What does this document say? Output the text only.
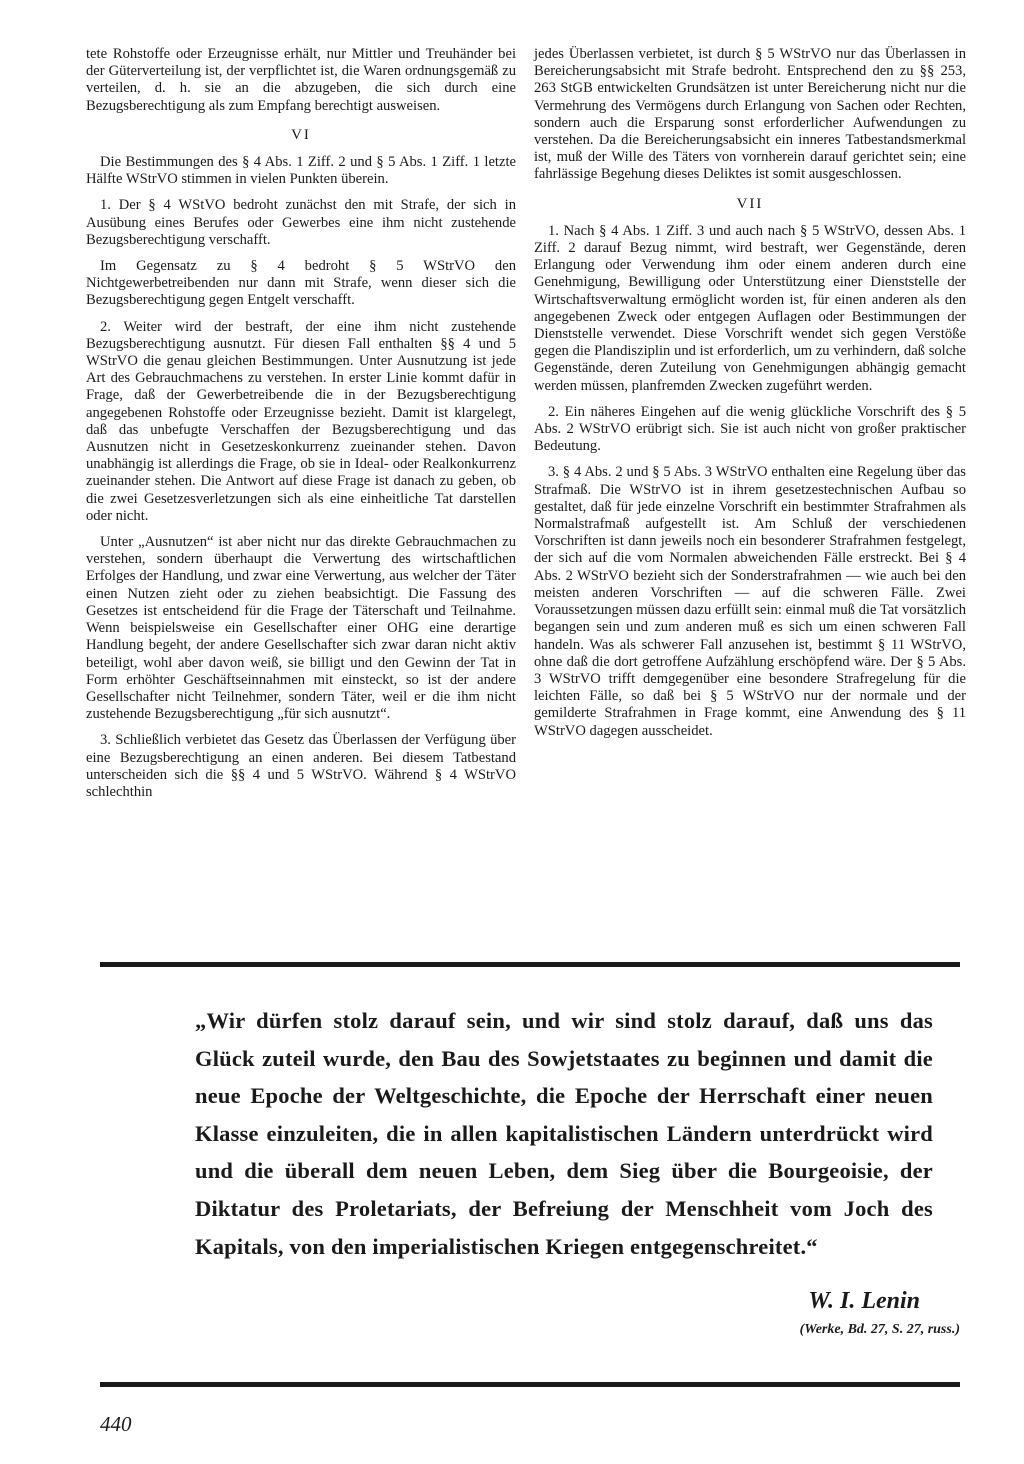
tete Rohstoffe oder Erzeugnisse erhält, nur Mittler und Treuhänder bei der Güterverteilung ist, der verpflichtet ist, die Waren ordnungsgemäß zu verteilen, d. h. sie an die abzugeben, die sich durch eine Bezugsberechtigung als zum Empfang berechtigt ausweisen.

VI

Die Bestimmungen des § 4 Abs. 1 Ziff. 2 und § 5 Abs. 1 Ziff. 1 letzte Hälfte WStrVO stimmen in vielen Punkten überein.

1. Der § 4 WStVO bedroht zunächst den mit Strafe, der sich in Ausübung eines Berufes oder Gewerbes eine ihm nicht zustehende Bezugsberechtigung verschafft.

Im Gegensatz zu § 4 bedroht § 5 WStrVO den Nichtgewerbetreibenden nur dann mit Strafe, wenn dieser sich die Bezugsberechtigung gegen Entgelt verschafft.

2. Weiter wird der bestraft, der eine ihm nicht zustehende Bezugsberechtigung ausnutzt. Für diesen Fall enthalten §§ 4 und 5 WStrVO die genau gleichen Bestimmungen. Unter Ausnutzung ist jede Art des Gebrauchmachens zu verstehen. In erster Linie kommt dafür in Frage, daß der Gewerbetreibende die in der Bezugsberechtigung angegebenen Rohstoffe oder Erzeugnisse bezieht. Damit ist klargelegt, daß das unbefugte Verschaffen der Bezugsberechtigung und das Ausnutzen nicht in Gesetzeskonkurrenz zueinander stehen. Davon unabhängig ist allerdings die Frage, ob sie in Ideal- oder Realkonkurrenz zueinander stehen. Die Antwort auf diese Frage ist danach zu geben, ob die zwei Gesetzesverletzungen sich als eine einheitliche Tat darstellen oder nicht.

Unter „Ausnutzen“ ist aber nicht nur das direkte Gebrauchmachen zu verstehen, sondern überhaupt die Verwertung des wirtschaftlichen Erfolges der Handlung, und zwar eine Verwertung, aus welcher der Täter einen Nutzen zieht oder zu ziehen beabsichtigt. Die Fassung des Gesetzes ist entscheidend für die Frage der Täterschaft und Teilnahme. Wenn beispielsweise ein Gesellschafter einer OHG eine derartige Handlung begeht, der andere Gesellschafter sich zwar daran nicht aktiv beteiligt, wohl aber davon weiß, sie billigt und den Gewinn der Tat in Form erhöhter Geschäftseinnahmen mit einsteckt, so ist der andere Gesellschafter nicht Teilnehmer, sondern Täter, weil er die ihm nicht zustehende Bezugsberechtigung „für sich ausnutzt“.

3. Schließlich verbietet das Gesetz das Überlassen der Verfügung über eine Bezugsberechtigung an einen anderen. Bei diesem Tatbestand unterscheiden sich die §§ 4 und 5 WStrVO. Während § 4 WStrVO schlechthin

jedes Überlassen verbietet, ist durch § 5 WStrVO nur das Überlassen in Bereicherungsabsicht mit Strafe bedroht. Entsprechend den zu §§ 253, 263 StGB entwickelten Grundsätzen ist unter Bereicherung nicht nur die Vermehrung des Vermögens durch Erlangung von Sachen oder Rechten, sondern auch die Ersparung sonst erforderlicher Aufwendungen zu verstehen. Da die Bereicherungsabsicht ein inneres Tatbestandsmerkmal ist, muß der Wille des Täters von vornherein darauf gerichtet sein; eine fahrlässige Begehung dieses Deliktes ist somit ausgeschlossen.

VII

1. Nach § 4 Abs. 1 Ziff. 3 und auch nach § 5 WStrVO, dessen Abs. 1 Ziff. 2 darauf Bezug nimmt, wird bestraft, wer Gegenstände, deren Erlangung oder Verwendung ihm oder einem anderen durch eine Genehmigung, Bewilligung oder Unterstützung einer Dienststelle der Wirtschaftsverwaltung ermöglicht worden ist, für einen anderen als den angegebenen Zweck oder entgegen Auflagen oder Bestimmungen der Dienststelle verwendet. Diese Vorschrift wendet sich gegen Verstöße gegen die Plandisziplin und ist erforderlich, um zu verhindern, daß solche Gegenstände, deren Zuteilung von Genehmigungen abhängig gemacht werden müssen, planfremden Zwecken zugeführt werden.

2. Ein näheres Eingehen auf die wenig glückliche Vorschrift des § 5 Abs. 2 WStrVO erübrigt sich. Sie ist auch nicht von großer praktischer Bedeutung.

3. § 4 Abs. 2 und § 5 Abs. 3 WStrVO enthalten eine Regelung über das Strafmaß. Die WStrVO ist in ihrem gesetzestechnischen Aufbau so gestaltet, daß für jede einzelne Vorschrift ein bestimmter Strafrahmen als Normalstrafmaß aufgestellt ist. Am Schluß der verschiedenen Vorschriften ist dann jeweils noch ein besonderer Strafrahmen festgelegt, der sich auf die vom Normalen abweichenden Fälle erstreckt. Bei § 4 Abs. 2 WStrVO bezieht sich der Sonderstrafrahmen — wie auch bei den meisten anderen Vorschriften — auf die schweren Fälle. Zwei Voraussetzungen müssen dazu erfüllt sein: einmal muß die Tat vorsätzlich begangen sein und zum anderen muß es sich um einen schweren Fall handeln. Was als schwerer Fall anzusehen ist, bestimmt § 11 WStrVO, ohne daß die dort getroffene Aufzählung erschöpfend wäre. Der § 5 Abs. 3 WStrVO trifft demgegenüber eine besondere Strafregelung für die leichten Fälle, so daß bei § 5 WStrVO nur der normale und der gemilderte Strafrahmen in Frage kommt, eine Anwendung des § 11 WStrVO dagegen ausscheidet.

„Wir dürfen stolz darauf sein, und wir sind stolz darauf, daß uns das Glück zuteil wurde, den Bau des Sowjetstaates zu beginnen und damit die neue Epoche der Weltgeschichte, die Epoche der Herrschaft einer neuen Klasse einzuleiten, die in allen kapitalistischen Ländern unterdrückt wird und die überall dem neuen Leben, dem Sieg über die Bourgeoisie, der Diktatur des Proletariats, der Befreiung der Menschheit vom Joch des Kapitals, von den imperialistischen Kriegen entgegenschreitet.“
W. I. Lenin
(Werke, Bd. 27, S. 27, russ.)
440
